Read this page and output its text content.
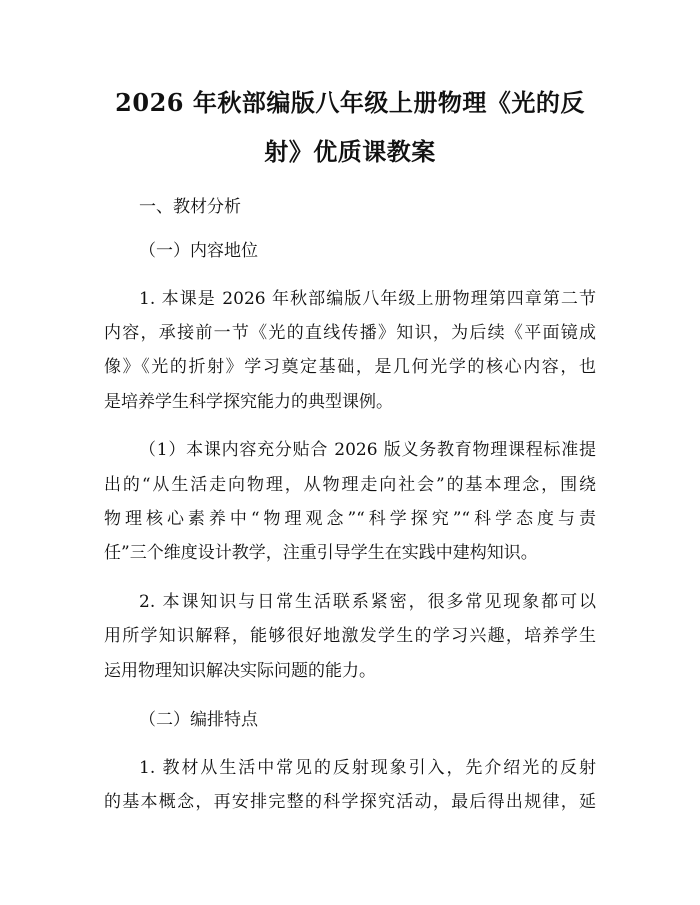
2026 年秋部编版八年级上册物理《光的反
射》优质课教案
一、教材分析
（一）内容地位
1. 本课是 2026 年秋部编版八年级上册物理第四章第二节
内容，承接前一节《光的直线传播》知识，为后续《平面镜成
像》《光的折射》学习奠定基础，是几何光学的核心内容，也
是培养学生科学探究能力的典型课例。
（1）本课内容充分贴合 2026 版义务教育物理课程标准提
出的“从生活走向物理，从物理走向社会”的基本理念，围绕
物理核心素养中“物理观念”“科学探究”“科学态度与责
任”三个维度设计教学，注重引导学生在实践中建构知识。
2. 本课知识与日常生活联系紧密，很多常见现象都可以
用所学知识解释，能够很好地激发学生的学习兴趣，培养学生
运用物理知识解决实际问题的能力。
（二）编排特点
1. 教材从生活中常见的反射现象引入，先介绍光的反射
的基本概念，再安排完整的科学探究活动，最后得出规律，延
